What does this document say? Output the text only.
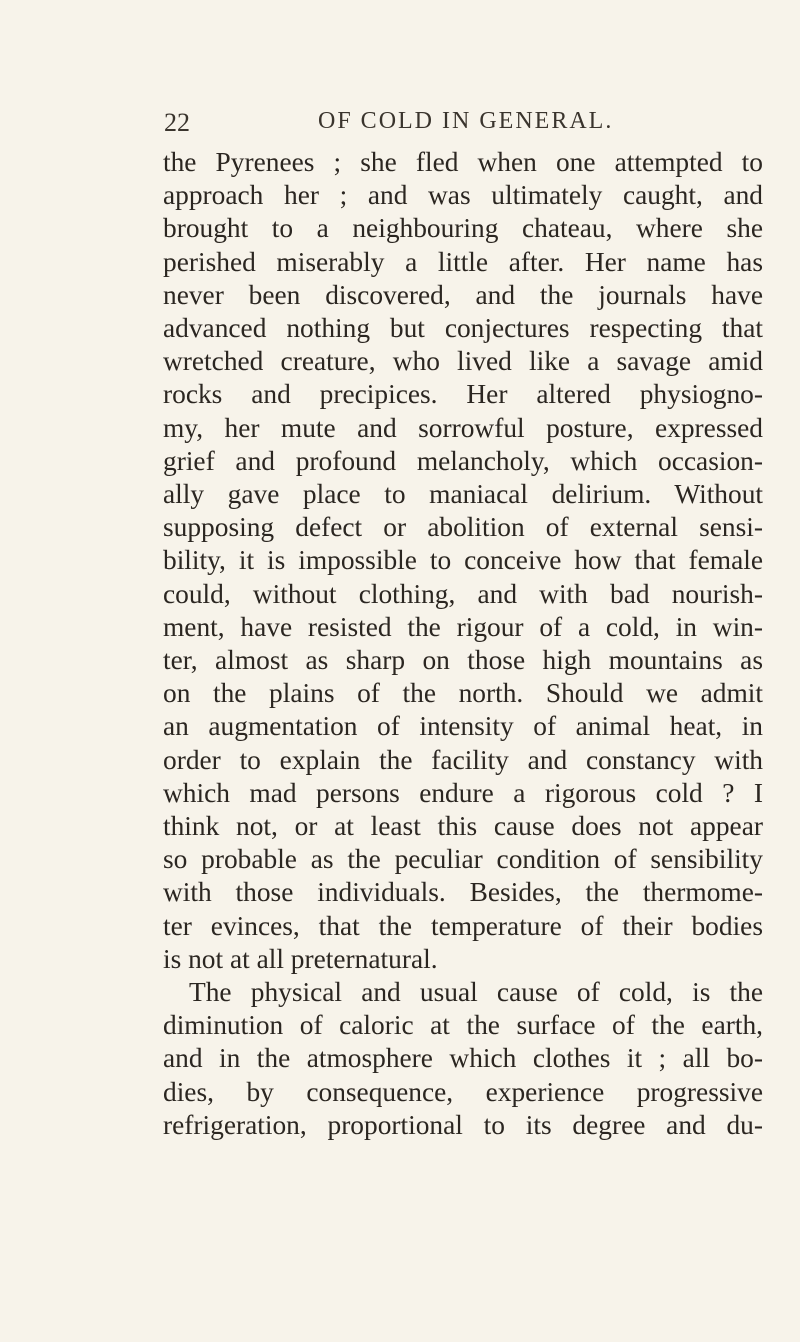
22	OF COLD IN GENERAL.
the Pyrenees ; she fled when one attempted to
approach her ; and was ultimately caught, and
brought to a neighbouring chateau, where she
perished miserably a little after. Her name has
never been discovered, and the journals have
advanced nothing but conjectures respecting that
wretched creature, who lived like a savage amid
rocks and precipices. Her altered physiogno-
my, her mute and sorrowful posture, expressed
grief and profound melancholy, which occasion-
ally gave place to maniacal delirium. Without
supposing defect or abolition of external sensi-
bility, it is impossible to conceive how that female
could, without clothing, and with bad nourish-
ment, have resisted the rigour of a cold, in win-
ter, almost as sharp on those high mountains as
on the plains of the north. Should we admit
an augmentation of intensity of animal heat, in
order to explain the facility and constancy with
which mad persons endure a rigorous cold ? I
think not, or at least this cause does not appear
so probable as the peculiar condition of sensibility
with those individuals. Besides, the thermome-
ter evinces, that the temperature of their bodies
is not at all preternatural.
The physical and usual cause of cold, is the
diminution of caloric at the surface of the earth,
and in the atmosphere which clothes it ; all bo-
dies, by consequence, experience progressive
refrigeration, proportional to its degree and du-
